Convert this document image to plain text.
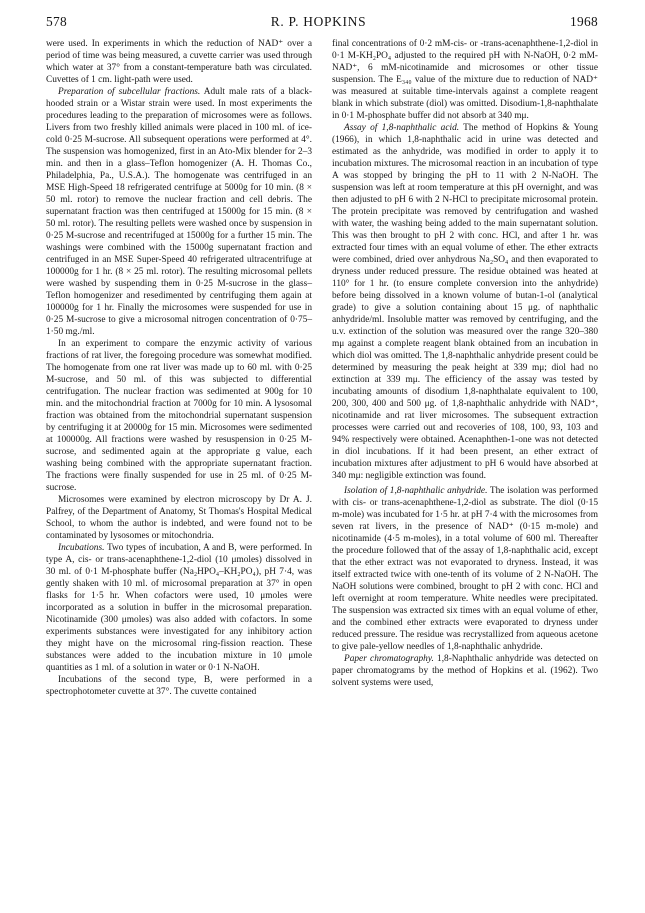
578	R. P. HOPKINS	1968

were used. In experiments in which the reduction of NAD⁺ over a period of time was being measured, a cuvette carrier was used through which water at 37° from a constant-temperature bath was circulated. Cuvettes of 1 cm. light-path were used.

Preparation of subcellular fractions. Adult male rats of a black-hooded strain or a Wistar strain were used. In most experiments the procedures leading to the preparation of microsomes were as follows. Livers from two freshly killed animals were placed in 100 ml. of ice-cold 0·25 M-sucrose. All subsequent operations were performed at 4°. The suspension was homogenized, first in an Ato-Mix blender for 2–3 min. and then in a glass–Teflon homogenizer (A. H. Thomas Co., Philadelphia, Pa., U.S.A.). The homogenate was centrifuged in an MSE High-Speed 18 refrigerated centrifuge at 5000g for 10 min. (8 × 50 ml. rotor) to remove the nuclear fraction and cell debris. The supernatant fraction was then centrifuged at 15000g for 15 min. (8 × 50 ml. rotor). The resulting pellets were washed once by suspension in 0·25 M-sucrose and recentrifuged at 15000g for a further 15 min. The washings were combined with the 15000g supernatant fraction and centrifuged in an MSE Super-Speed 40 refrigerated ultracentrifuge at 100000g for 1 hr. (8 × 25 ml. rotor). The resulting microsomal pellets were washed by suspending them in 0·25 M-sucrose in the glass–Teflon homogenizer and resedimented by centrifuging them again at 100000g for 1 hr. Finally the microsomes were suspended for use in 0·25 M-sucrose to give a microsomal nitrogen concentration of 0·75–1·50 mg./ml.

In an experiment to compare the enzymic activity of various fractions of rat liver, the foregoing procedure was somewhat modified. The homogenate from one rat liver was made up to 60 ml. with 0·25 M-sucrose, and 50 ml. of this was subjected to differential centrifugation. The nuclear fraction was sedimented at 900g for 10 min. and the mitochondrial fraction at 7000g for 10 min. A lysosomal fraction was obtained from the mitochondrial supernatant suspension by centrifuging it at 20000g for 15 min. Microsomes were sedimented at 100000g. All fractions were washed by resuspension in 0·25 M-sucrose, and sedimented again at the appropriate g value, each washing being combined with the appropriate supernatant fraction. The fractions were finally suspended for use in 25 ml. of 0·25 M-sucrose.

Microsomes were examined by electron microscopy by Dr A. J. Palfrey, of the Department of Anatomy, St Thomas's Hospital Medical School, to whom the author is indebted, and were found not to be contaminated by lysosomes or mitochondria.

Incubations. Two types of incubation, A and B, were performed. In type A, cis- or trans-acenaphthene-1,2-diol (10 μmoles) dissolved in 30 ml. of 0·1 M-phosphate buffer (Na₂HPO₄–KH₂PO₄), pH 7·4, was gently shaken with 10 ml. of microsomal preparation at 37° in open flasks for 1·5 hr. When cofactors were used, 10 μmoles were incorporated as a solution in buffer in the microsomal preparation. Nicotinamide (300 μmoles) was also added with cofactors. In some experiments substances were investigated for any inhibitory action they might have on the microsomal ring-fission reaction. These substances were added to the incubation mixture in 10 μmole quantities as 1 ml. of a solution in water or 0·1 N-NaOH.

Incubations of the second type, B, were performed in a spectrophotometer cuvette at 37°. The cuvette contained

final concentrations of 0·2 mM-cis- or -trans-acenaphthene-1,2-diol in 0·1 M-KH₂PO₄ adjusted to the required pH with N-NaOH, 0·2 mM-NAD⁺, 6 mM-nicotinamide and microsomes or other tissue suspension. The E₃₄₀ value of the mixture due to reduction of NAD⁺ was measured at suitable time-intervals against a complete reagent blank in which substrate (diol) was omitted. Disodium-1,8-naphthalate in 0·1 M-phosphate buffer did not absorb at 340 mμ.

Assay of 1,8-naphthalic acid. The method of Hopkins & Young (1966), in which 1,8-naphthalic acid in urine was detected and estimated as the anhydride, was modified in order to apply it to incubation mixtures. The microsomal reaction in an incubation of type A was stopped by bringing the pH to 11 with 2 N-NaOH. The suspension was left at room temperature at this pH overnight, and was then adjusted to pH 6 with 2 N-HCl to precipitate microsomal protein. The protein precipitate was removed by centrifugation and washed with water, the washing being added to the main supernatant solution. This was then brought to pH 2 with conc. HCl, and after 1 hr. was extracted four times with an equal volume of ether. The ether extracts were combined, dried over anhydrous Na₂SO₄ and then evaporated to dryness under reduced pressure. The residue obtained was heated at 110° for 1 hr. (to ensure complete conversion into the anhydride) before being dissolved in a known volume of butan-1-ol (analytical grade) to give a solution containing about 15 μg. of naphthalic anhydride/ml. Insoluble matter was removed by centrifuging, and the u.v. extinction of the solution was measured over the range 320–380 mμ against a complete reagent blank obtained from an incubation in which diol was omitted. The 1,8-naphthalic anhydride present could be determined by measuring the peak height at 339 mμ; diol had no extinction at 339 mμ. The efficiency of the assay was tested by incubating amounts of disodium 1,8-naphthalate equivalent to 100, 200, 300, 400 and 500 μg. of 1,8-naphthalic anhydride with NAD⁺, nicotinamide and rat liver microsomes. The subsequent extraction processes were carried out and recoveries of 108, 100, 93, 103 and 94% respectively were obtained. Acenaphthen-1-one was not detected in diol incubations. If it had been present, an ether extract of incubation mixtures after adjustment to pH 6 would have absorbed at 340 mμ: negligible extinction was found.

Isolation of 1,8-naphthalic anhydride. The isolation was performed with cis- or trans-acenaphthene-1,2-diol as substrate. The diol (0·15 m-mole) was incubated for 1·5 hr. at pH 7·4 with the microsomes from seven rat livers, in the presence of NAD⁺ (0·15 m-mole) and nicotinamide (4·5 m-moles), in a total volume of 600 ml. Thereafter the procedure followed that of the assay of 1,8-naphthalic acid, except that the ether extract was not evaporated to dryness. Instead, it was itself extracted twice with one-tenth of its volume of 2 N-NaOH. The NaOH solutions were combined, brought to pH 2 with conc. HCl and left overnight at room temperature. White needles were precipitated. The suspension was extracted six times with an equal volume of ether, and the combined ether extracts were evaporated to dryness under reduced pressure. The residue was recrystallized from aqueous acetone to give pale-yellow needles of 1,8-naphthalic anhydride.

Paper chromatography. 1,8-Naphthalic anhydride was detected on paper chromatograms by the method of Hopkins et al. (1962). Two solvent systems were used,
